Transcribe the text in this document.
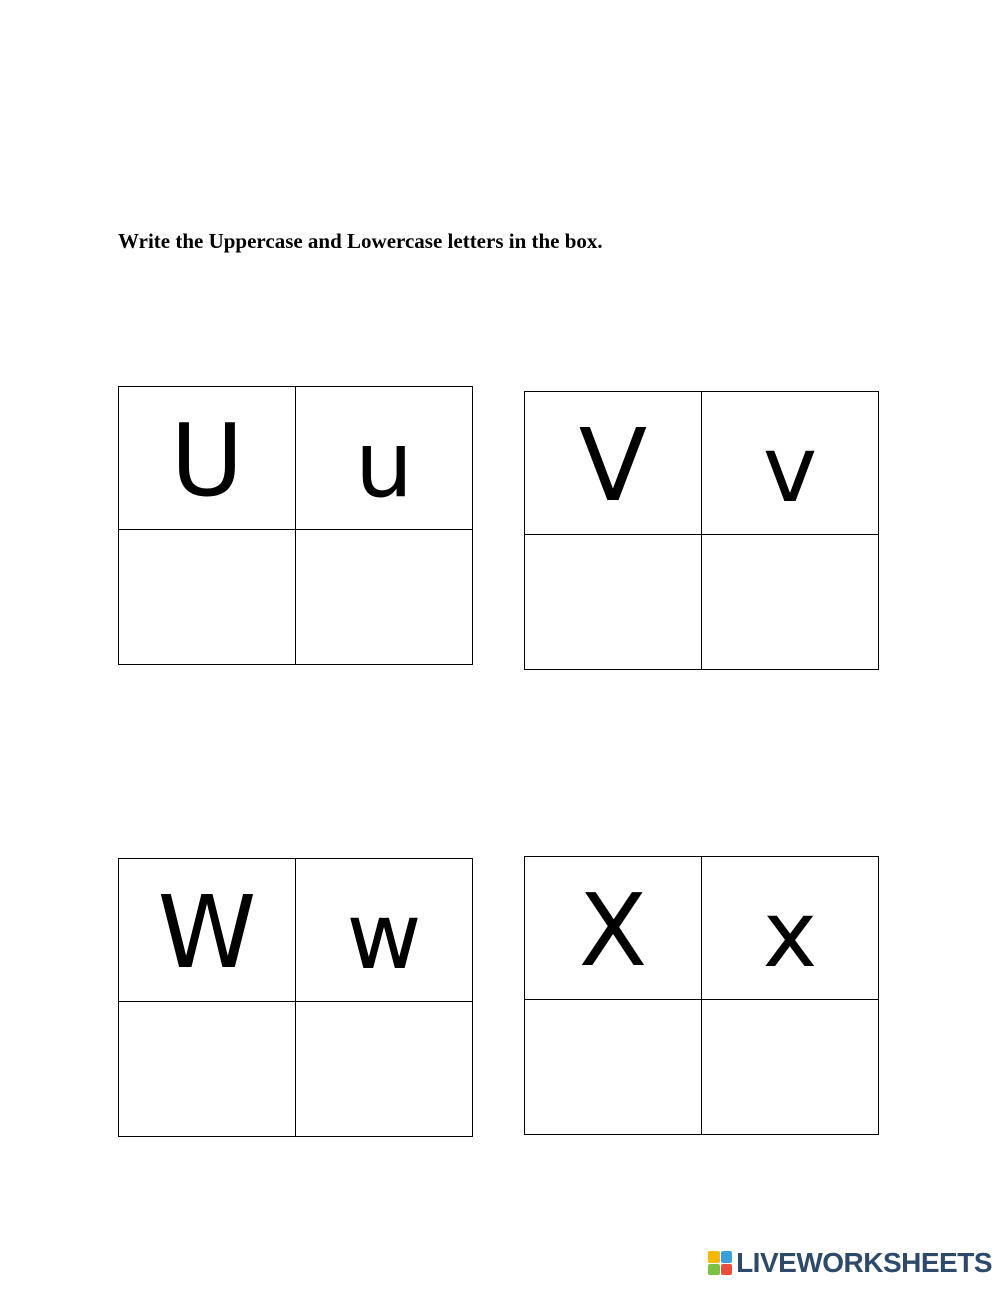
Write the Uppercase and Lowercase letters in the box.
U	u	V	v
W w	X	x
LIVEWORKSHEETS
